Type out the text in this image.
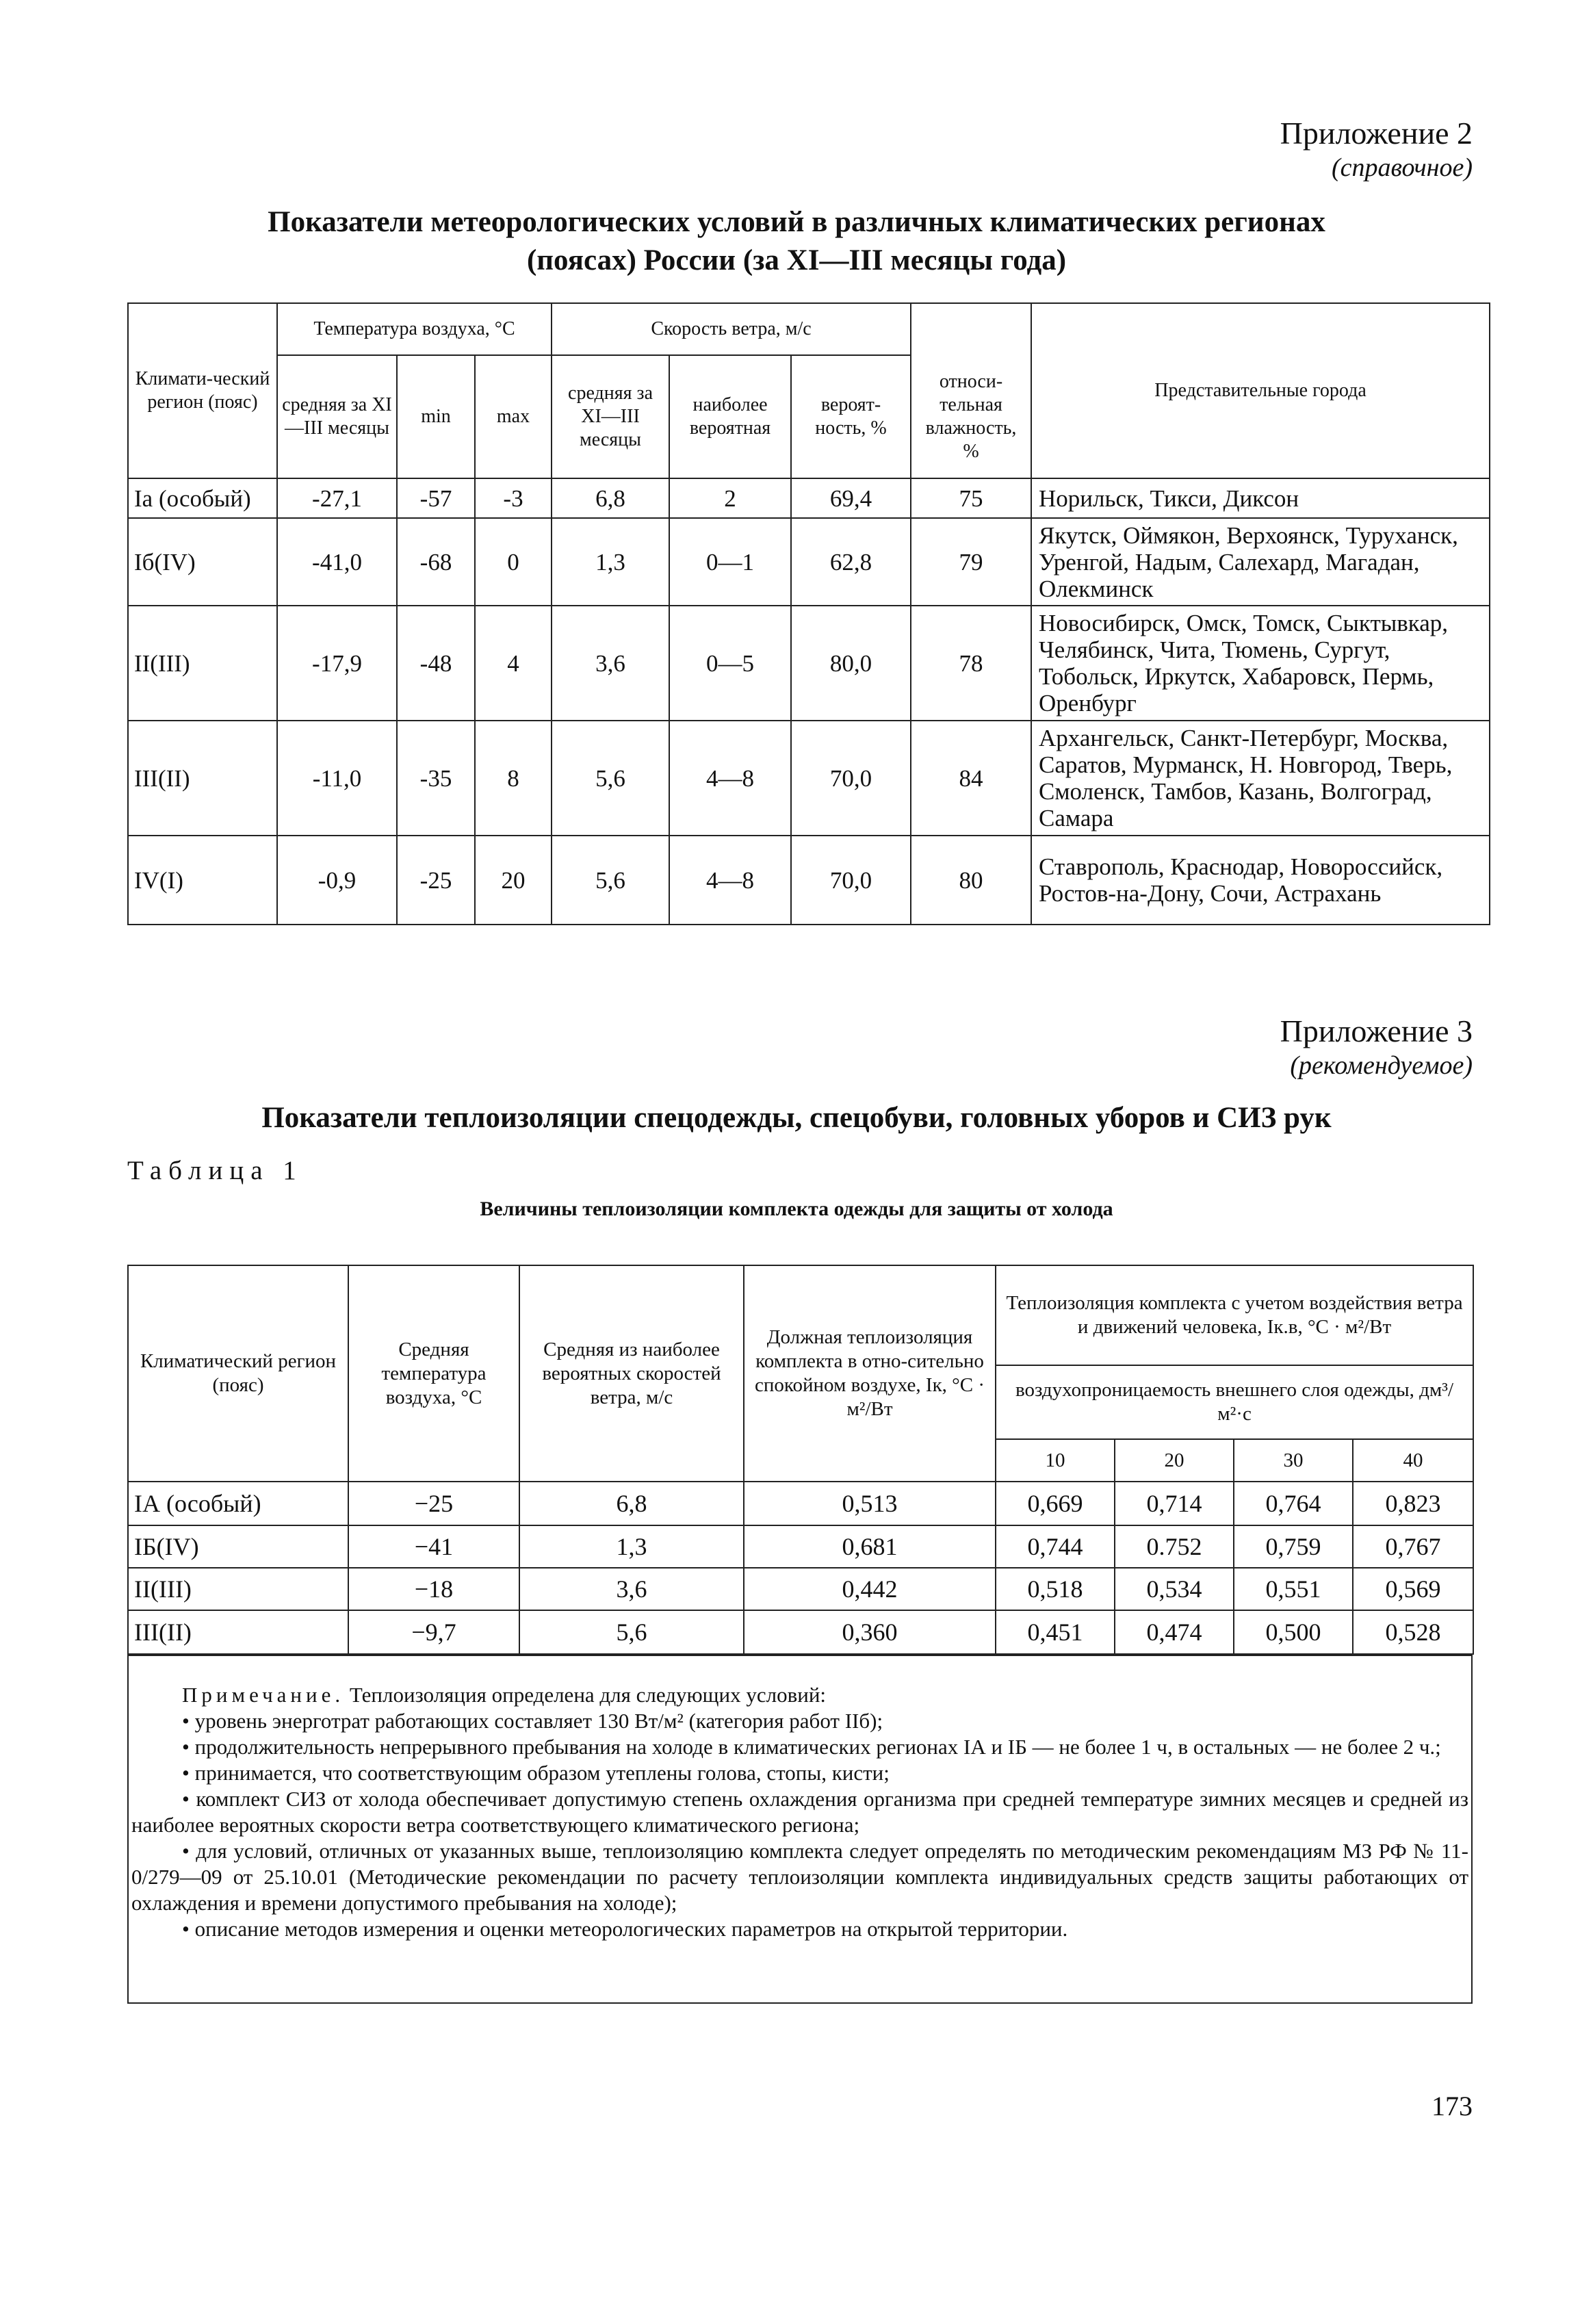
Приложение 2
(справочное)
Показатели метеорологических условий в различных климатических регионах
(поясах) России (за XI—III месяцы года)
Климати-ческий регион (пояс)	Температура воздуха, °С			Скорость ветра, м/с				Представительные города
	средняя за XI—III месяцы	min	max	средняя за XI—III месяцы	наиболее вероятная	вероят-ность, %	относи-тельная влажность, %	
Iа (особый)	-27,1	-57	-3	6,8	2	69,4	75	Норильск, Тикси, Диксон
Iб(IV)	-41,0	-68	0	1,3	0—1	62,8	79	Якутск, Оймякон, Верхоянск, Туруханск, Уренгой, Надым, Салехард, Магадан, Олекминск
II(III)	-17,9	-48	4	3,6	0—5	80,0	78	Новосибирск, Омск, Томск, Сыктывкар, Челябинск, Чита, Тюмень, Сургут, Тобольск, Иркутск, Хабаровск, Пермь, Оренбург
III(II)	-11,0	-35	8	5,6	4—8	70,0	84	Архангельск, Санкт-Петербург, Москва, Саратов, Мурманск, Н. Новгород, Тверь, Смоленск, Тамбов, Казань, Волгоград, Самара
IV(I)	-0,9	-25	20	5,6	4—8	70,0	80	Ставрополь, Краснодар, Новороссийск, Ростов-на-Дону, Сочи, Астрахань
Приложение 3
(рекомендуемое)
Показатели теплоизоляции спецодежды, спецобуви, головных уборов и СИЗ рук
Таблица 1
Величины теплоизоляции комплекта одежды для защиты от холода
Климатический регион (пояс)	Средняя температура воздуха, °С	Средняя из наиболее вероятных скоростей ветра, м/с	Должная теплоизоляция комплекта в отно-сительно спокойном воздухе, Iк, °С · м²/Вт	Теплоизоляция комплекта с учетом воздействия ветра и движений человека, Iк.в, °С · м²/Вт			
				воздухопроницаемость внешнего слоя одежды, дм³/м²·с			
				10	20	30	40
IА (особый)	−25	6,8	0,513	0,669	0,714	0,764	0,823
IБ(IV)	−41	1,3	0,681	0,744	0.752	0,759	0,767
II(III)	−18	3,6	0,442	0,518	0,534	0,551	0,569
III(II)	−9,7	5,6	0,360	0,451	0,474	0,500	0,528

Примечание. Теплоизоляция определена для следующих условий:

• уровень энерготрат работающих составляет 130 Вт/м² (категория работ IIб);

• продолжительность непрерывного пребывания на холоде в климатических регионах IА и IБ — не более 1 ч, в остальных — не более 2 ч.;

• принимается, что соответствующим образом утеплены голова, стопы, кисти;

• комплект СИЗ от холода обеспечивает допустимую степень охлаждения организма при средней температуре зимних месяцев и средней из наиболее вероятных скорости ветра соответствующего климатического региона;

• для условий, отличных от указанных выше, теплоизоляцию комплекта следует определять по методическим рекомендациям МЗ РФ № 11-0/279—09 от 25.10.01 (Методические рекомендации по расчету теплоизоляции комплекта индивидуальных средств защиты работающих от охлаждения и времени допустимого пребывания на холоде);

• описание методов измерения и оценки метеорологических параметров на открытой территории.

173
